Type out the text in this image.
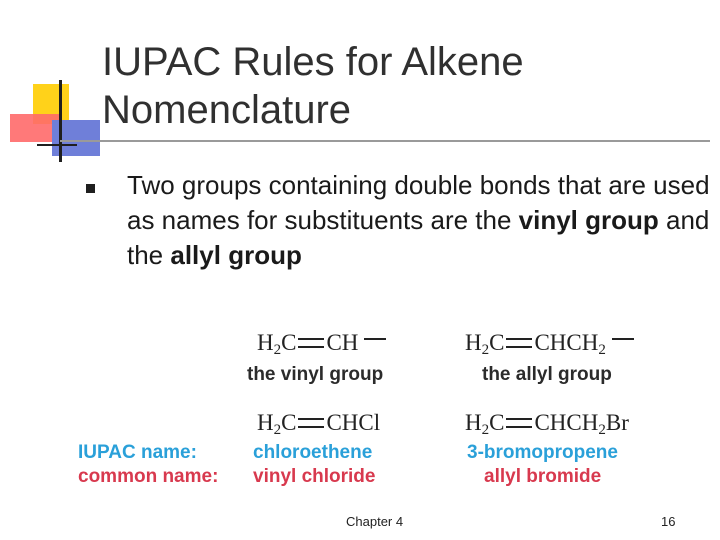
IUPAC Rules for Alkene
Nomenclature
Two groups containing double bonds that are used as names for substituents are the vinyl group and the allyl group
$H_2C$ CH
the vinyl group
$H_2C$ $CHCH_2$
the allyl group
$H_2C$ CHCl	$H_2C$ $CHCH_2Br$
IUPAC name:
common name:
chloroethene
vinyl chloride
3-bromopropene
allyl bromide
Chapter 4	16
